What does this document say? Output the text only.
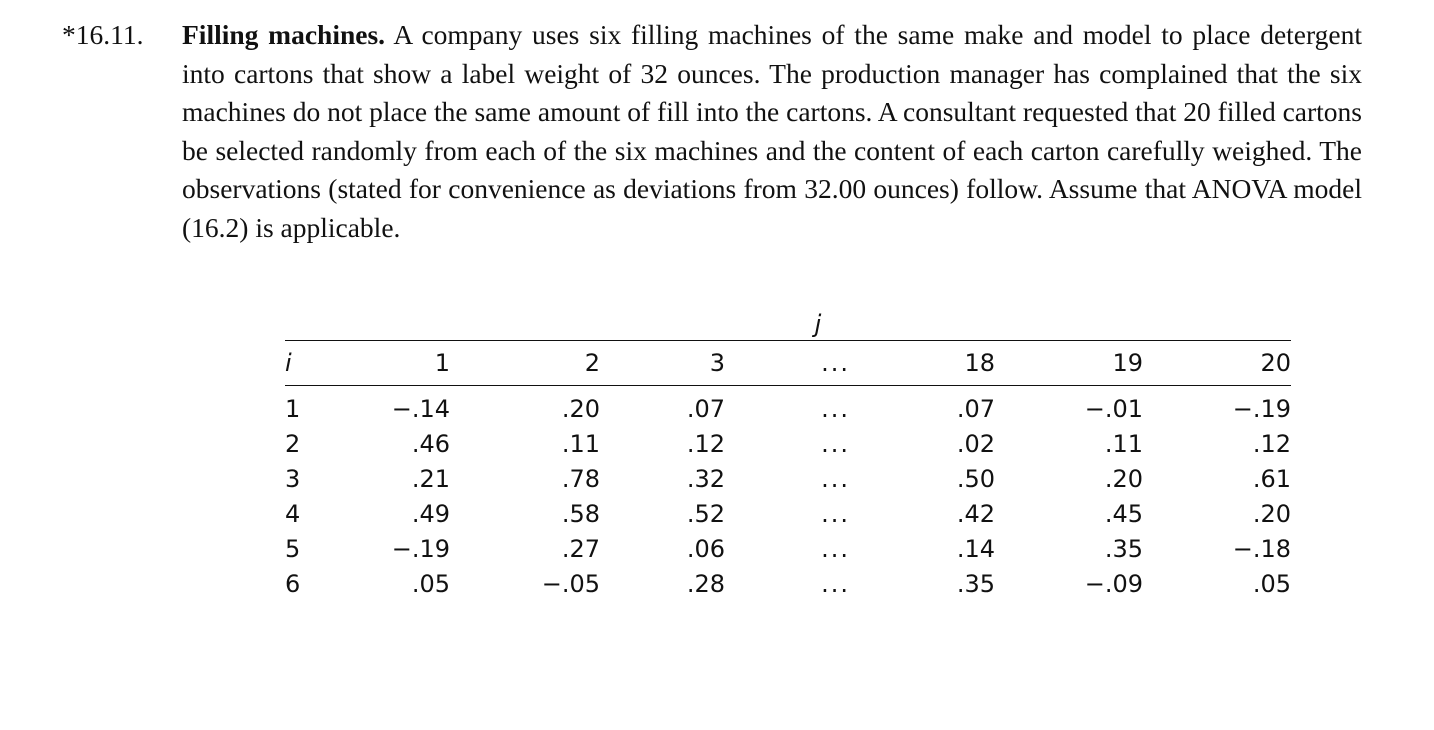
*16.11. Filling machines. A company uses six filling machines of the same make and model to place detergent into cartons that show a label weight of 32 ounces. The production manager has complained that the six machines do not place the same amount of fill into the cartons. A consultant requested that 20 filled cartons be selected randomly from each of the six machines and the content of each carton carefully weighed. The observations (stated for convenience as deviations from 32.00 ounces) follow. Assume that ANOVA model (16.2) is applicable.
	j						
i	1	2	3	...	18	19	20
1	−.14	.20	.07	...	.07	−.01	−.19
2	.46	.11	.12	...	.02	.11	.12
3	.21	.78	.32	...	.50	.20	.61
4	.49	.58	.52	...	.42	.45	.20
5	−.19	.27	.06	...	.14	.35	−.18
6	.05	−.05	.28	...	.35	−.09	.05
